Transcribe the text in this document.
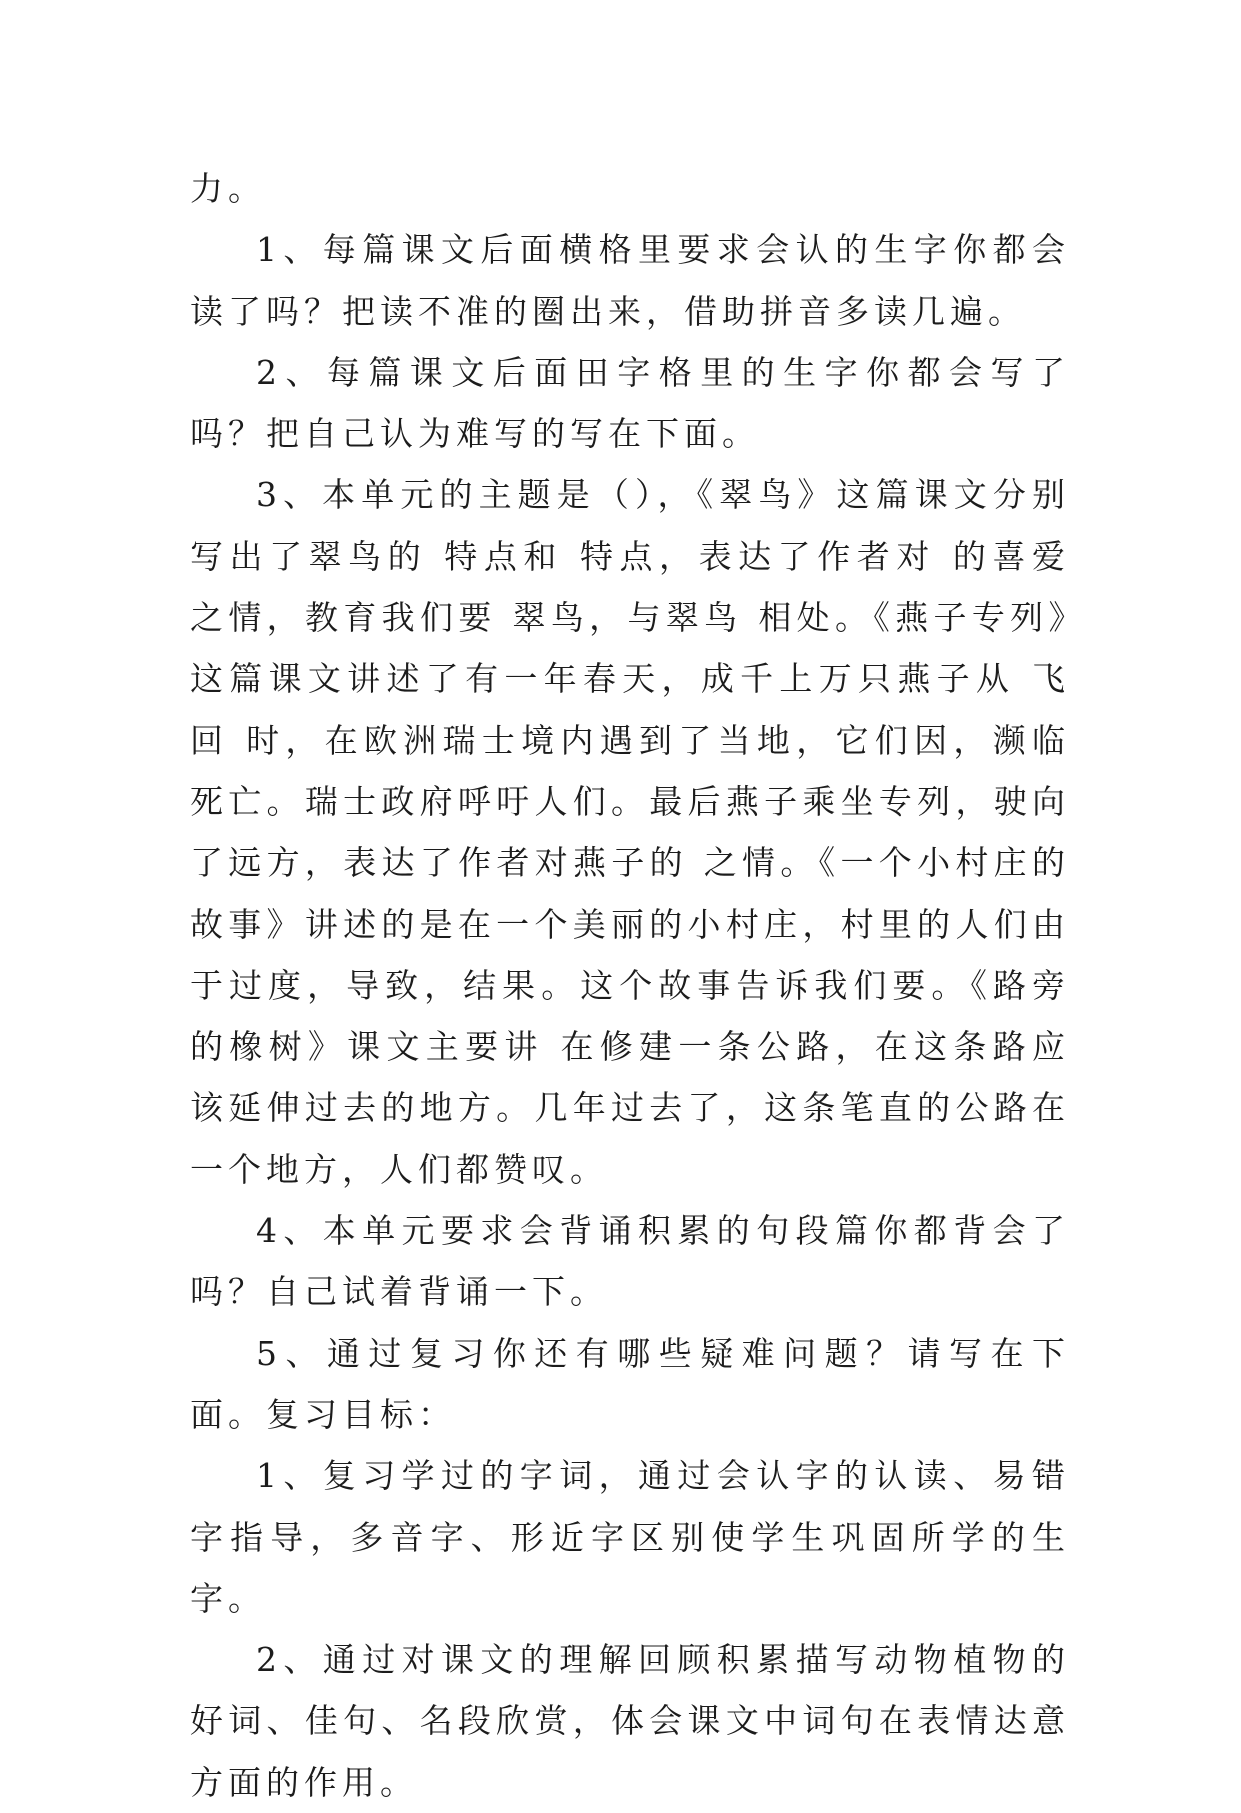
力。

1、每篇课文后面横格里要求会认的生字你都会读了吗？把读不准的圈出来，借助拼音多读几遍。

2、每篇课文后面田字格里的生字你都会写了吗？把自己认为难写的写在下面。

3、本单元的主题是（），《翠鸟》这篇课文分别写出了翠鸟的 特点和 特点，表达了作者对 的喜爱之情，教育我们要 翠鸟，与翠鸟 相处。《燕子专列》这篇课文讲述了有一年春天，成千上万只燕子从 飞回 时，在欧洲瑞士境内遇到了当地，它们因，濒临死亡。瑞士政府呼吁人们。最后燕子乘坐专列，驶向了远方，表达了作者对燕子的 之情。《一个小村庄的故事》讲述的是在一个美丽的小村庄，村里的人们由于过度，导致，结果。这个故事告诉我们要。《路旁的橡树》课文主要讲 在修建一条公路，在这条路应该延伸过去的地方。几年过去了，这条笔直的公路在一个地方，人们都赞叹。

4、本单元要求会背诵积累的句段篇你都背会了吗？自己试着背诵一下。

5、通过复习你还有哪些疑难问题？请写在下面。复习目标：

1、复习学过的字词，通过会认字的认读、易错字指导，多音字、形近字区别使学生巩固所学的生字。

2、通过对课文的理解回顾积累描写动物植物的好词、佳句、名段欣赏，体会课文中词句在表情达意方面的作用。
